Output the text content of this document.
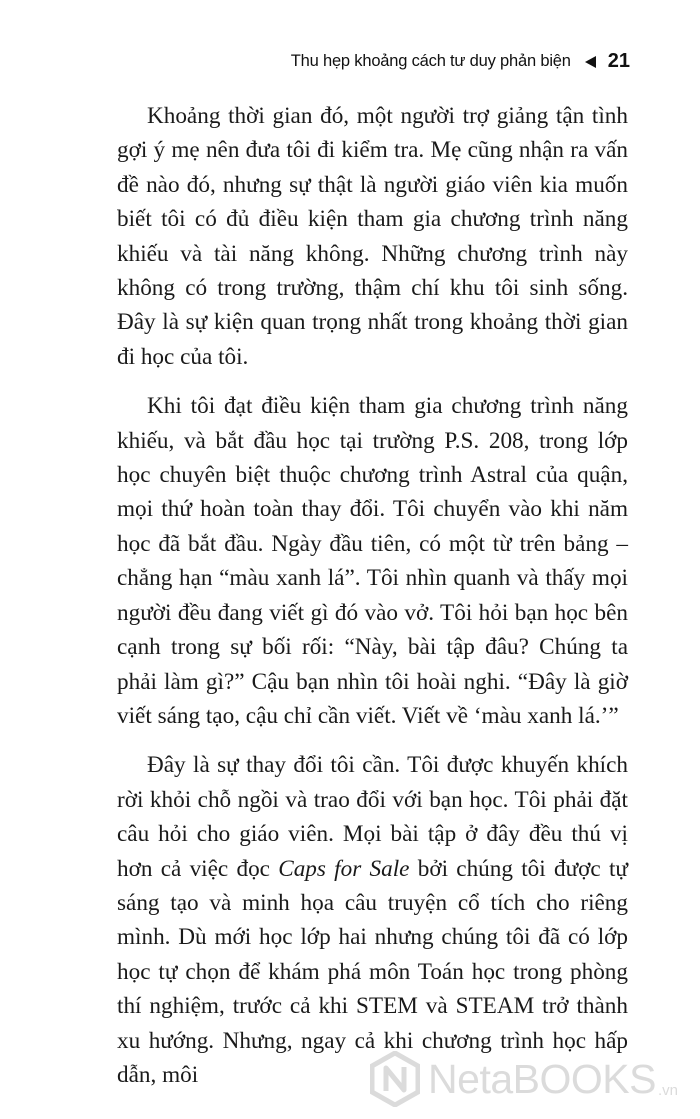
Thu hẹp khoảng cách tư duy phản biện 21

Khoảng thời gian đó, một người trợ giảng tận tình gợi ý mẹ nên đưa tôi đi kiểm tra. Mẹ cũng nhận ra vấn đề nào đó, nhưng sự thật là người giáo viên kia muốn biết tôi có đủ điều kiện tham gia chương trình năng khiếu và tài năng không. Những chương trình này không có trong trường, thậm chí khu tôi sinh sống. Đây là sự kiện quan trọng nhất trong khoảng thời gian đi học của tôi.

Khi tôi đạt điều kiện tham gia chương trình năng khiếu, và bắt đầu học tại trường P.S. 208, trong lớp học chuyên biệt thuộc chương trình Astral của quận, mọi thứ hoàn toàn thay đổi. Tôi chuyển vào khi năm học đã bắt đầu. Ngày đầu tiên, có một từ trên bảng – chẳng hạn “màu xanh lá”. Tôi nhìn quanh và thấy mọi người đều đang viết gì đó vào vở. Tôi hỏi bạn học bên cạnh trong sự bối rối: “Này, bài tập đâu? Chúng ta phải làm gì?” Cậu bạn nhìn tôi hoài nghi. “Đây là giờ viết sáng tạo, cậu chỉ cần viết. Viết về ‘màu xanh lá.’”

Đây là sự thay đổi tôi cần. Tôi được khuyến khích rời khỏi chỗ ngồi và trao đổi với bạn học. Tôi phải đặt câu hỏi cho giáo viên. Mọi bài tập ở đây đều thú vị hơn cả việc đọc Caps for Sale bởi chúng tôi được tự sáng tạo và minh họa câu truyện cổ tích cho riêng mình. Dù mới học lớp hai nhưng chúng tôi đã có lớp học tự chọn để khám phá môn Toán học trong phòng thí nghiệm, trước cả khi STEM và STEAM trở thành xu hướng. Nhưng, ngay cả khi chương trình học hấp dẫn, môi	NetaBOOKS .vn
